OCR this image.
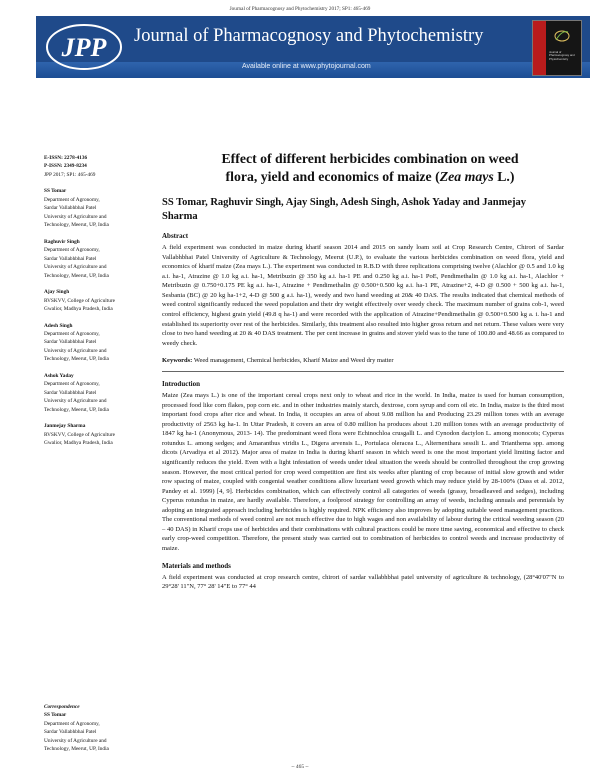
Journal of Pharmacognosy and Phytochemistry 2017; SP1: 465-469
JPP Journal of Pharmacognosy and Phytochemistry
Available online at www.phytojournal.com
Journal of Pharmacognosy and Phytochemistry
E-ISSN: 2278-4136
P-ISSN: 2349-8234
JPP 2017; SP1: 465-469
SS Tomar
Department of Agronomy,
Sardar Vallabhbhai Patel
University of Agriculture and
Technology, Meerut, UP, India
Raghuvir Singh
Department of Agronomy,
Sardar Vallabhbhai Patel
University of Agriculture and
Technology, Meerut, UP, India
Ajay Singh
RVSKVV, College of Agriculture
Gwalior, Madhya Pradesh, India
Adesh Singh
Department of Agronomy,
Sardar Vallabhbhai Patel
University of Agriculture and
Technology, Meerut, UP, India
Ashok Yaday
Department of Agronomy,
Sardar Vallabhbhai Patel
University of Agriculture and
Technology, Meerut, UP, India
Janmejay Sharma
RVSKVV, College of Agriculture
Gwalior, Madhya Pradesh, India
Correspondence
SS Tomar
Department of Agronomy,
Sardar Vallabhbhai Patel
University of Agriculture and
Technology, Meerut, UP, India
Effect of different herbicides combination on weed
flora, yield and economics of maize (Zea mays L.)
SS Tomar, Raghuvir Singh, Ajay Singh, Adesh Singh, Ashok Yaday and Janmejay Sharma
Abstract
A field experiment was conducted in maize during kharif season 2014 and 2015 on sandy loam soil at Crop Research Centre, Chirori of Sardar Vallabhbhai Patel University of Agriculture & Technology, Meerut (U.P.), to evaluate the various herbicides combination on weed flora, yield and economics of kharif maize (Zea mays L.). The experiment was conducted in R.B.D with three replications comprising twelve (Alachlor @ 0.5 and 1.0 kg a.i. ha-1, Atrazine @ 1.0 kg a.i. ha-1, Metribuzin @ 350 kg a.i. ha-1 PE and 0.250 kg a.i. ha-1 PoE, Pendimethalin @ 1.0 kg a.i. ha-1, Alachlor + Metribuzin @ 0.750+0.175 PE kg a.i. ha-1, Atrazine + Pendimethalin @ 0.500+0.500 kg a.i. ha-1 PE, Atrazine+2, 4-D @ 0.500 + 500 kg a.i. ha-1, Sesbania (BC) @ 20 kg ha-1+2, 4-D @ 500 g a.i. ha-1), weedy and two hand weeding at 20& 40 DAS. The results indicated that chemical methods of weed control significantly reduced the weed population and their dry weight effectively over weedy check. The maximum number of grains cob-1, weed control efficiency, highest grain yield (49.8 q ha-1) and were recorded with the application of Atrazine+Pendimethalin @ 0.500+0.500 kg a. i. ha-1 and established its superiority over rest of the herbicides. Similarly, this treatment also resulted into higher gross return and net return. These values were very close to two hand weeding at 20 & 40 DAS treatment. The per cent increase in grains and stover yield was to the tune of 100.80 and 48.66 as compared to weedy check.
Keywords: Weed management, Chemical herbicides, Kharif Maize and Weed dry matter
Introduction
Maize (Zea mays L.) is one of the important cereal crops next only to wheat and rice in the world. In India, maize is used for human consumption, processed food like corn flakes, pop corn etc. and in other industries mainly starch, dextrose, corn syrup and corn oil etc. In India, maize is the third most important food crops after rice and wheat. In India, it occupies an area of about 9.08 million ha and Producing 23.29 million tones with an average productivity of 2563 kg ha-1. In Uttar Pradesh, it covers an area of 0.80 million ha produces about 1.20 million tones with an average productivity of 1847 kg ha-1 (Anonymous, 2013- 14). The predominant weed flora were Echinochloa crusgalli L. and Cynodon dactylon L. among monocots; Cyperus rotundus L. among sedges; and Amaranthus viridis L., Digera arvensis L., Portulaca oleracea L., Alternenthara sessili L. and Trianthema spp. among dicots (Arvadiya et al 2012). Major area of maize in India is during kharif season in which weed is one the most important yield limiting factor and significantly reduces the yield. Even with a light infestation of weeds under ideal situation the weeds should be controlled throughout the crop growing season. However, the most critical period for crop weed competition are first six weeks after planting of crop because of initial slow growth and wider row spacing of maize, coupled with congenial weather conditions allow luxuriant weed growth which may reduce yield by 28-100% (Dass et al. 2012, Pandey et al. 1999) [4, 9]. Herbicides combination, which can effectively control all categories of weeds (grassy, broadleaved and sedges), including Cyperus rotundus in maize, are hardly available. Therefore, a foolproof strategy for controlling an array of weeds, including annuals and perennials by adopting an integrated approach including herbicides is highly required. NPK efficiency also improves by adopting suitable weed management practices. The conventional methods of weed control are not much effective due to high wages and non availability of labour during the critical weeding season (20 – 40 DAS) in Kharif crops use of herbicides and their combinations with cultural practices could be more time saving, economical and effective to check early crop-weed competition. Therefore, the present study was carried out to combination of herbicides to control weeds and increase productivity of maize.
Materials and methods
A field experiment was conducted at crop research centre, chirori of sardar vallabhbhai patel university of agriculture & technology, (28°40'07"N to 29°28' 11"N, 77° 28' 14"E to 77° 44
~ 465 ~
